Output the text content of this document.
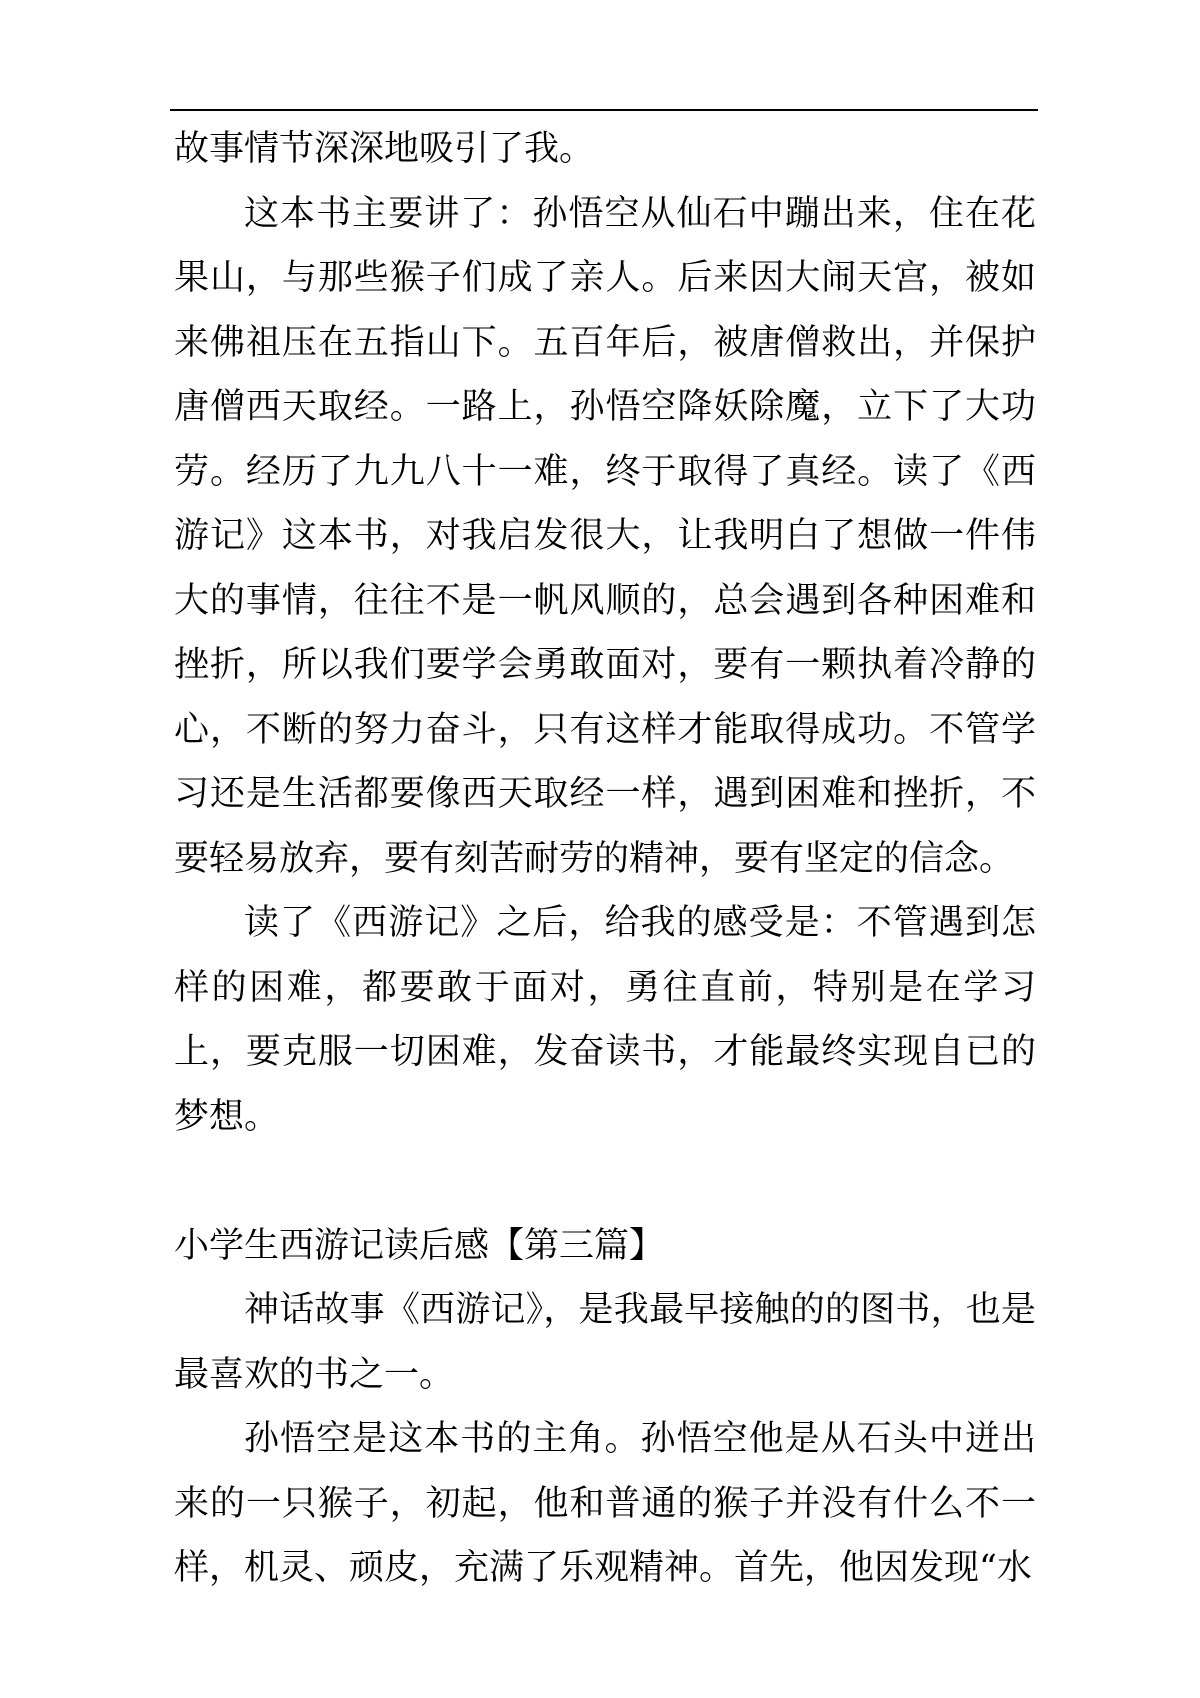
故事情节深深地吸引了我。

这本书主要讲了：孙悟空从仙石中蹦出来，住在花果山，与那些猴子们成了亲人。后来因大闹天宫，被如来佛祖压在五指山下。五百年后，被唐僧救出，并保护唐僧西天取经。一路上，孙悟空降妖除魔，立下了大功劳。经历了九九八十一难，终于取得了真经。读了《西游记》这本书，对我启发很大，让我明白了想做一件伟大的事情，往往不是一帆风顺的，总会遇到各种困难和挫折，所以我们要学会勇敢面对，要有一颗执着冷静的心，不断的努力奋斗，只有这样才能取得成功。不管学习还是生活都要像西天取经一样，遇到困难和挫折，不要轻易放弃，要有刻苦耐劳的精神，要有坚定的信念。

读了《西游记》之后，给我的感受是：不管遇到怎样的困难，都要敢于面对，勇往直前，特别是在学习上，要克服一切困难，发奋读书，才能最终实现自已的梦想。

小学生西游记读后感【第三篇】

神话故事《西游记》，是我最早接触的的图书，也是最喜欢的书之一。

孙悟空是这本书的主角。孙悟空他是从石头中迸出来的一只猴子，初起，他和普通的猴子并没有什么不一样，机灵、顽皮，充满了乐观精神。首先，他因发现“水
